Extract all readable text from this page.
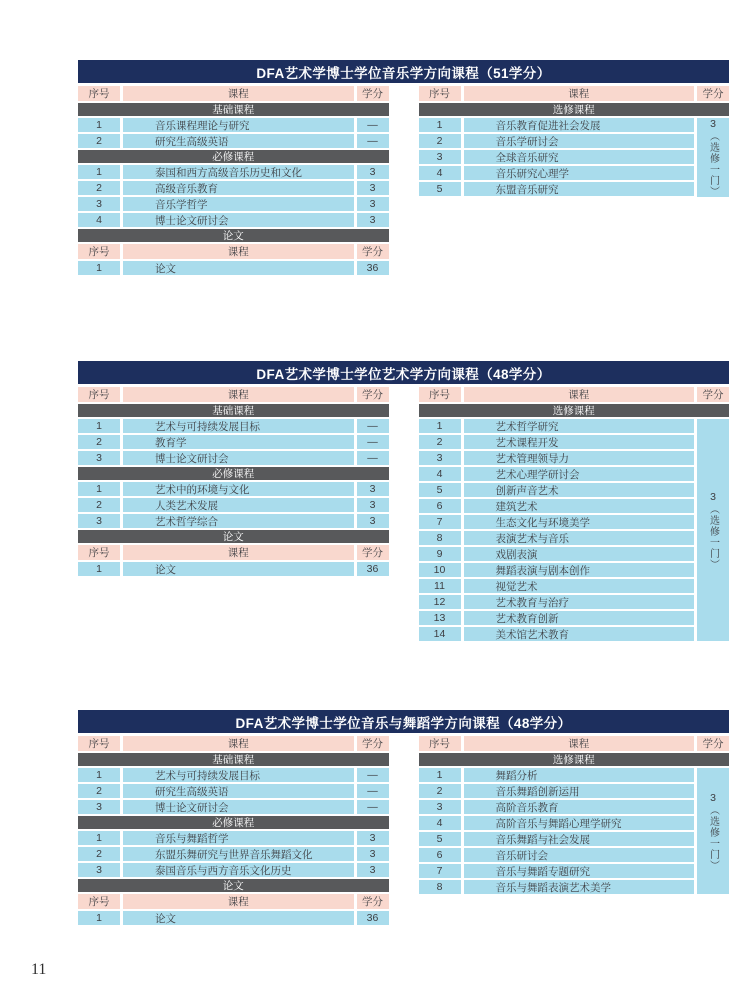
DFA艺术学博士学位音乐学方向课程（51学分）
序号	课程	学分
基础课程
1	音乐课程理论与研究	—
2	研究生高级英语	—
必修课程
1	泰国和西方高级音乐历史和文化	3
2	高级音乐教育	3
3	音乐学哲学	3
4	博士论文研讨会	3
论文
序号	课程	学分
1	论文	36
序号	课程	学分
选修课程
1	音乐教育促进社会发展
2	音乐学研讨会
3	全球音乐研究
4	音乐研究心理学
5	东盟音乐研究
3
（选修一门）
DFA艺术学博士学位艺术学方向课程（48学分）
序号	课程	学分
基础课程
1	艺术与可持续发展目标	—
2	教育学	—
3	博士论文研讨会	—
必修课程
1	艺术中的环境与文化	3
2	人类艺术发展	3
3	艺术哲学综合	3
论文
序号	课程	学分
1	论文	36
序号	课程	学分
选修课程
1	艺术哲学研究
2	艺术课程开发
3	艺术管理领导力
4	艺术心理学研讨会
5	创新声音艺术
6	建筑艺术
7	生态文化与环境美学
8	表演艺术与音乐
9	戏剧表演
10	舞蹈表演与剧本创作
11	视觉艺术
12	艺术教育与治疗
13	艺术教育创新
14	美术馆艺术教育
3
（选修一门）
DFA艺术学博士学位音乐与舞蹈学方向课程（48学分）
序号	课程	学分
基础课程
1	艺术与可持续发展目标	—
2	研究生高级英语	—
3	博士论文研讨会	—
必修课程
1	音乐与舞蹈哲学	3
2	东盟乐舞研究与世界音乐舞蹈文化	3
3	泰国音乐与西方音乐文化历史	3
论文
序号	课程	学分
1	论文	36
序号	课程	学分
选修课程
1	舞蹈分析
2	音乐舞蹈创新运用
3	高阶音乐教育
4	高阶音乐与舞蹈心理学研究
5	音乐舞蹈与社会发展
6	音乐研讨会
7	音乐与舞蹈专题研究
8	音乐与舞蹈表演艺术美学
3
（选修一门）
11
